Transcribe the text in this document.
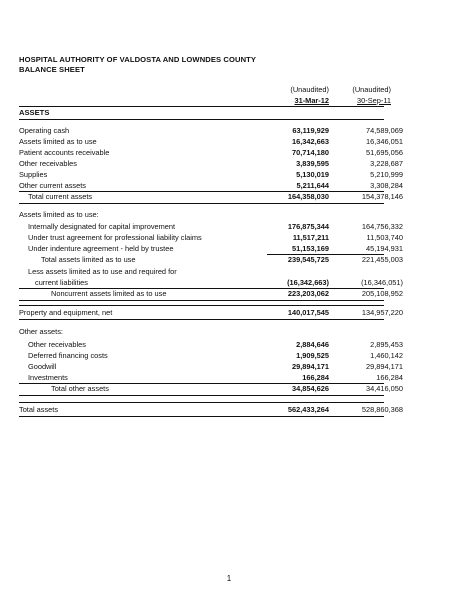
HOSPITAL AUTHORITY OF VALDOSTA AND LOWNDES COUNTY
BALANCE SHEET
(Unaudited)	(Unaudited)
31-Mar-12	30-Sep-11
ASSETS
Operating cash	63,119,929	74,589,069
Assets limited as to use	16,342,663	16,346,051
Patient accounts receivable	70,714,180	51,695,056
Other receivables	3,839,595	3,228,687
Supplies	5,130,019	5,210,999
Other current assets	5,211,644	3,308,284
Total current assets	164,358,030	154,378,146
Assets limited as to use:
Internally designated for capital improvement	176,875,344	164,756,332
Under trust agreement for professional liability claims	11,517,211	11,503,740
Under indenture agreement - held by trustee	51,153,169	45,194,931
Total assets limited as to use	239,545,725	221,455,003
Less assets limited as to use and required for
current liabilities	(16,342,663)	(16,346,051)
Noncurrent assets limited as to use	223,203,062	205,108,952
Property and equipment, net	140,017,545	134,957,220
Other assets:
Other receivables	2,884,646	2,895,453
Deferred financing costs	1,909,525	1,460,142
Goodwill	29,894,171	29,894,171
Investments	166,284	166,284
Total other assets	34,854,626	34,416,050
Total assets	562,433,264	528,860,368
1
